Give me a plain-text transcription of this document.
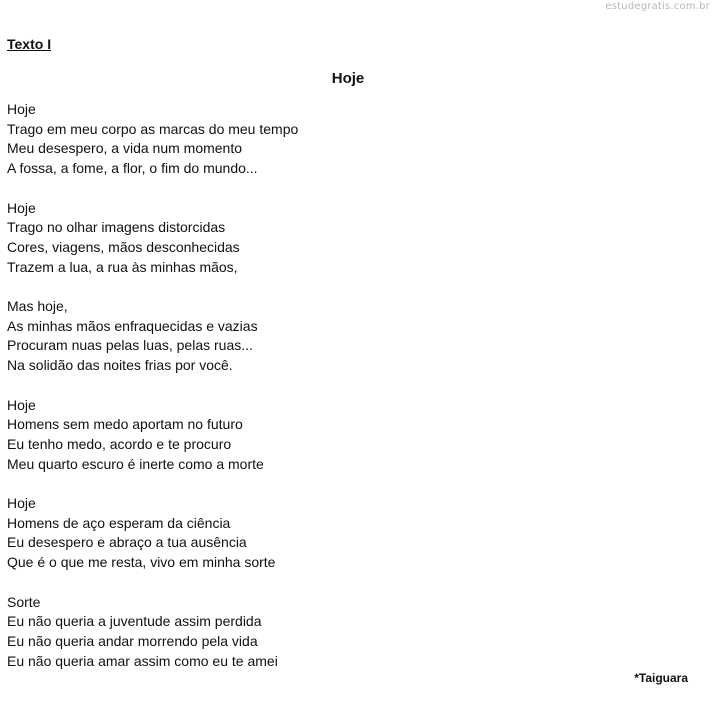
estudegratis.com.br
Texto I
Hoje
Hoje
Trago em meu corpo as marcas do meu tempo
Meu desespero, a vida num momento
A fossa, a fome, a flor, o fim do mundo...
Hoje
Trago no olhar imagens distorcidas
Cores, viagens, mãos desconhecidas
Trazem a lua, a rua às minhas mãos,
Mas hoje,
As minhas mãos enfraquecidas e vazias
Procuram nuas pelas luas, pelas ruas...
Na solidão das noites frias por você.
Hoje
Homens sem medo aportam no futuro
Eu tenho medo, acordo e te procuro
Meu quarto escuro é inerte como a morte
Hoje
Homens de aço esperam da ciência
Eu desespero e abraço a tua ausência
Que é o que me resta, vivo em minha sorte
Sorte
Eu não queria a juventude assim perdida
Eu não queria andar morrendo pela vida
Eu não queria amar assim como eu te amei
*Taiguara
